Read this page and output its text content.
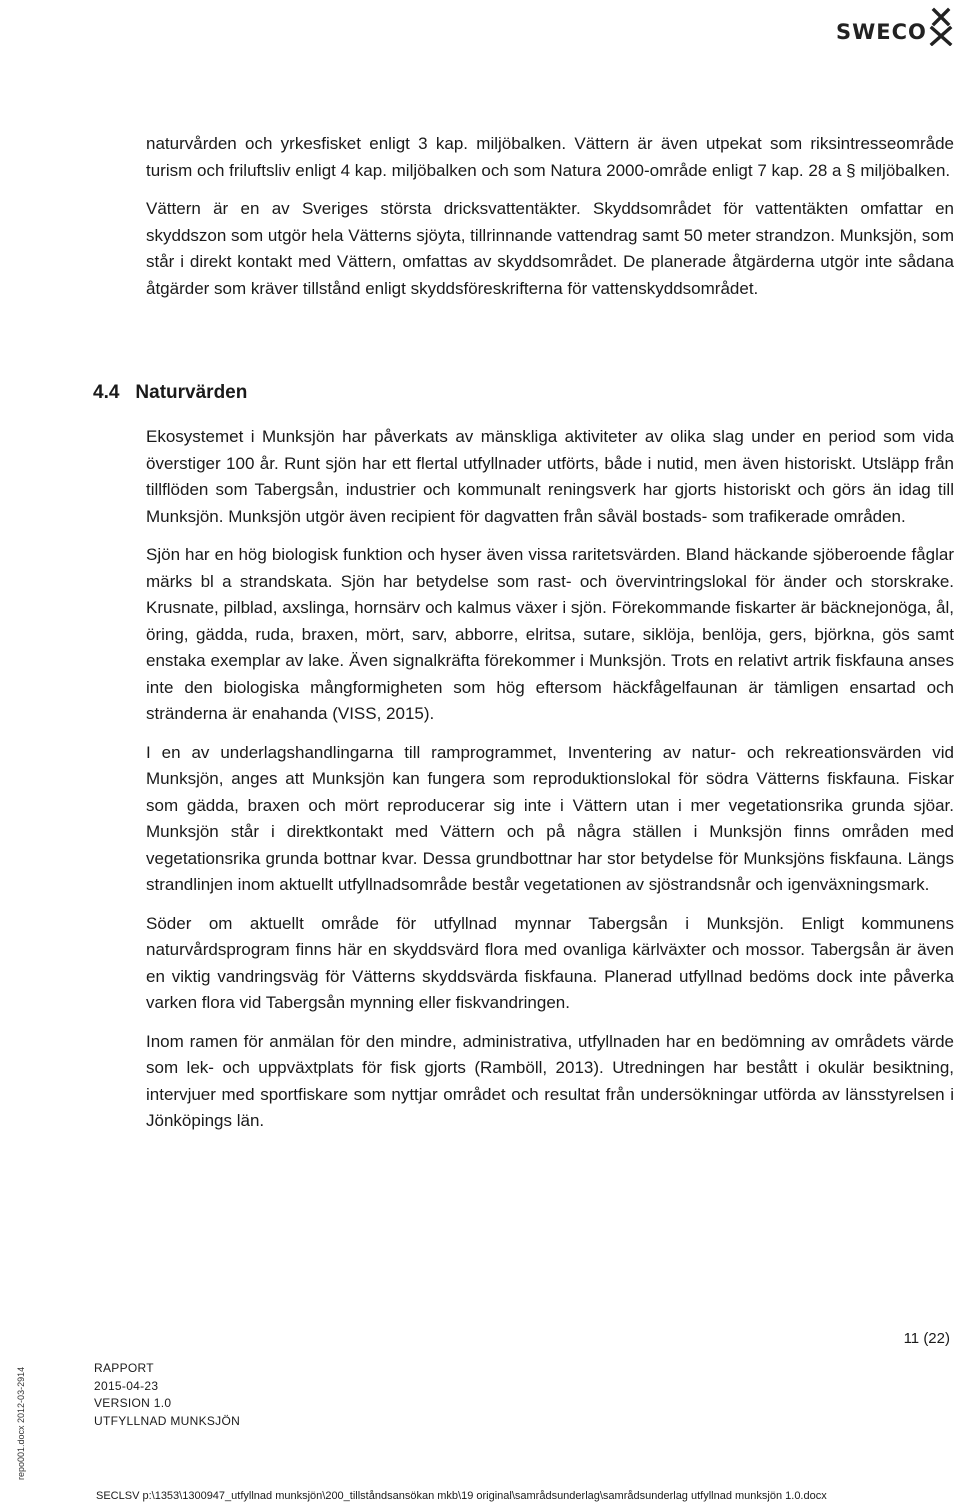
SWECO

naturvården och yrkesfisket enligt 3 kap. miljöbalken. Vättern är även utpekat som riksintresseområde turism och friluftsliv enligt 4 kap. miljöbalken och som Natura 2000-område enligt 7 kap. 28 a § miljöbalken.

Vättern är en av Sveriges största dricksvattentäkter. Skyddsområdet för vattentäkten omfattar en skyddszon som utgör hela Vätterns sjöyta, tillrinnande vattendrag samt 50 meter strandzon. Munksjön, som står i direkt kontakt med Vättern, omfattas av skyddsområdet. De planerade åtgärderna utgör inte sådana åtgärder som kräver tillstånd enligt skyddsföreskrifterna för vattenskyddsområdet.

4.4 Naturvärden

Ekosystemet i Munksjön har påverkats av mänskliga aktiviteter av olika slag under en period som vida överstiger 100 år. Runt sjön har ett flertal utfyllnader utförts, både i nutid, men även historiskt. Utsläpp från tillflöden som Tabergsån, industrier och kommunalt reningsverk har gjorts historiskt och görs än idag till Munksjön. Munksjön utgör även recipient för dagvatten från såväl bostads- som trafikerade områden.

Sjön har en hög biologisk funktion och hyser även vissa raritetsvärden. Bland häckande sjöberoende fåglar märks bl a strandskata. Sjön har betydelse som rast- och övervintringslokal för änder och storskrake. Krusnate, pilblad, axslinga, hornsärv och kalmus växer i sjön. Förekommande fiskarter är bäcknejonöga, ål, öring, gädda, ruda, braxen, mört, sarv, abborre, elritsa, sutare, siklöja, benlöja, gers, björkna, gös samt enstaka exemplar av lake. Även signalkräfta förekommer i Munksjön. Trots en relativt artrik fiskfauna anses inte den biologiska mångformigheten som hög eftersom häckfågelfaunan är tämligen ensartad och stränderna är enahanda (VISS, 2015).

I en av underlagshandlingarna till ramprogrammet, Inventering av natur- och rekreationsvärden vid Munksjön, anges att Munksjön kan fungera som reproduktionslokal för södra Vätterns fiskfauna. Fiskar som gädda, braxen och mört reproducerar sig inte i Vättern utan i mer vegetationsrika grunda sjöar. Munksjön står i direktkontakt med Vättern och på några ställen i Munksjön finns områden med vegetationsrika grunda bottnar kvar. Dessa grundbottnar har stor betydelse för Munksjöns fiskfauna. Längs strandlinjen inom aktuellt utfyllnadsområde består vegetationen av sjöstrandsnår och igenväxningsmark.

Söder om aktuellt område för utfyllnad mynnar Tabergsån i Munksjön. Enligt kommunens naturvårdsprogram finns här en skyddsvärd flora med ovanliga kärlväxter och mossor. Tabergsån är även en viktig vandringsväg för Vätterns skyddsvärda fiskfauna. Planerad utfyllnad bedöms dock inte påverka varken flora vid Tabergsån mynning eller fiskvandringen.

Inom ramen för anmälan för den mindre, administrativa, utfyllnaden har en bedömning av områdets värde som lek- och uppväxtplats för fisk gjorts (Ramböll, 2013). Utredningen har bestått i okulär besiktning, intervjuer med sportfiskare som nyttjar området och resultat från undersökningar utförda av länsstyrelsen i Jönköpings län.

11 (22)
RAPPORT
2015-04-23
VERSION 1.0
UTFYLLNAD MUNKSJÖN
repo001.docx 2012-03-2914
SECLSV p:\1353\1300947_utfyllnad munksjön\200_tillståndsansökan mkb\19 original\samrådsunderlag\samrådsunderlag utfyllnad munksjön 1.0.docx
